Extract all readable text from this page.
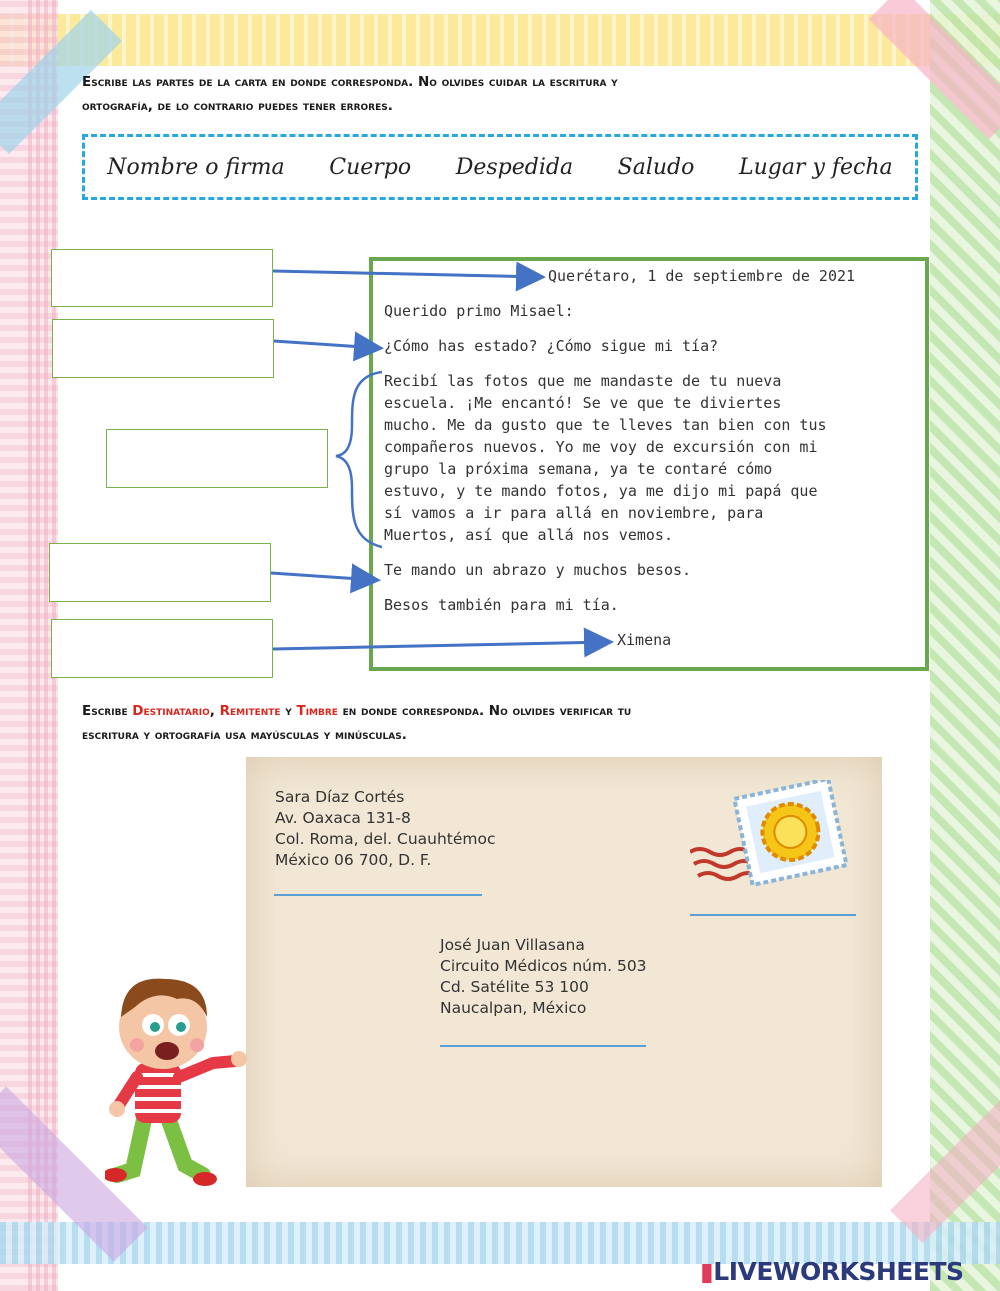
Escribe las partes de la carta en donde corresponda. No olvides cuidar la escritura y
ortografía, de lo contrario puedes tener errores.
Nombre o firma Cuerpo Despedida Saludo Lugar y fecha
Querétaro, 1 de septiembre de 2021
Querido primo Misael:
¿Cómo has estado? ¿Cómo sigue mi tía?
Recibí las fotos que me mandaste de tu nueva
escuela. ¡Me encantó! Se ve que te diviertes
mucho. Me da gusto que te lleves tan bien con tus
compañeros nuevos. Yo me voy de excursión con mi
grupo la próxima semana, ya te contaré cómo
estuvo, y te mando fotos, ya me dijo mi papá que
sí vamos a ir para allá en noviembre, para
Muertos, así que allá nos vemos.
Te mando un abrazo y muchos besos.
Besos también para mi tía.
Ximena
Escribe Destinatario, Remitente y Timbre en donde corresponda. No olvides verificar tu
escritura y ortografía usa mayúsculas y minúsculas.
Sara Díaz Cortés
Av. Oaxaca 131-8
Col. Roma, del. Cuauhtémoc
México 06 700, D. F.
José Juan Villasana
Circuito Médicos núm. 503
Cd. Satélite 53 100
Naucalpan, México
▮LIVEWORKSHEETS
